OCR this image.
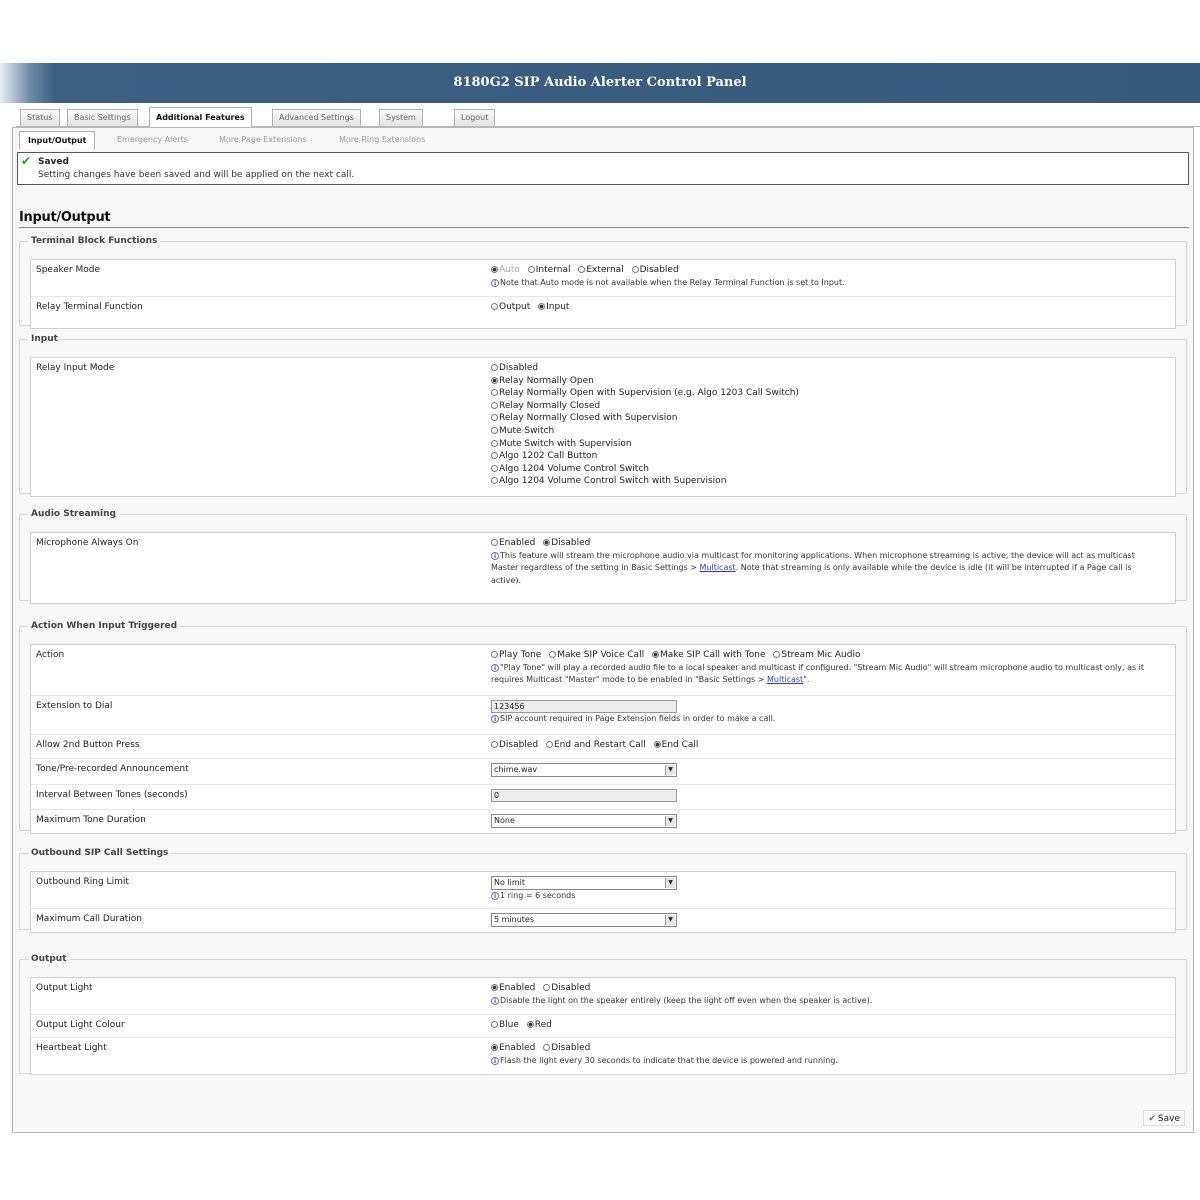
8180G2 SIP Audio Alerter Control Panel
Status	Basic Settings	Additional Features	Advanced Settings	System	Logout
Input/Output	Emergency Alerts	More Page Extensions	More Ring Extensions
✔ Saved
Setting changes have been saved and will be applied on the next call.
Input/Output
Terminal Block Functions
Speaker Mode	Auto Internal External Disabled
i Note that Auto mode is not available when the Relay Terminal Function is set to Input.
Relay Terminal Function	Output Input
Input
Relay Input Mode	Disabled
Relay Normally Open
Relay Normally Open with Supervision (e.g. Algo 1203 Call Switch)
Relay Normally Closed
Relay Normally Closed with Supervision
Mute Switch
Mute Switch with Supervision
Algo 1202 Call Button
Algo 1204 Volume Control Switch
Algo 1204 Volume Control Switch with Supervision
Audio Streaming
Microphone Always On	Enabled Disabled
i This feature will stream the microphone audio via multicast for monitoring applications. When microphone streaming is active, the device will act as multicast Master regardless of the setting in Basic Settings > Multicast. Note that streaming is only available while the device is idle (it will be interrupted if a Page call is active).
Action When Input Triggered
Action	Play Tone Make SIP Voice Call Make SIP Call with Tone Stream Mic Audio
i "Play Tone" will play a recorded audio file to a local speaker and multicast if configured. "Stream Mic Audio" will stream microphone audio to multicast only, as it requires Multicast "Master" mode to be enabled in "Basic Settings > Multicast".
Extension to Dial	123456
i SIP account required in Page Extension fields in order to make a call.
Allow 2nd Button Press	Disabled End and Restart Call End Call
Tone/Pre-recorded Announcement	chime.wav	▼
Interval Between Tones (seconds)	0
Maximum Tone Duration	None	▼
Outbound SIP Call Settings
Outbound Ring Limit	No limit	▼
i 1 ring = 6 seconds
Maximum Call Duration	5 minutes	▼
Output
Output Light	Enabled Disabled
i Disable the light on the speaker entirely (keep the light off even when the speaker is active).
Output Light Colour	Blue Red
Heartbeat Light	Enabled Disabled
i Flash the light every 30 seconds to indicate that the device is powered and running.
✔ Save
